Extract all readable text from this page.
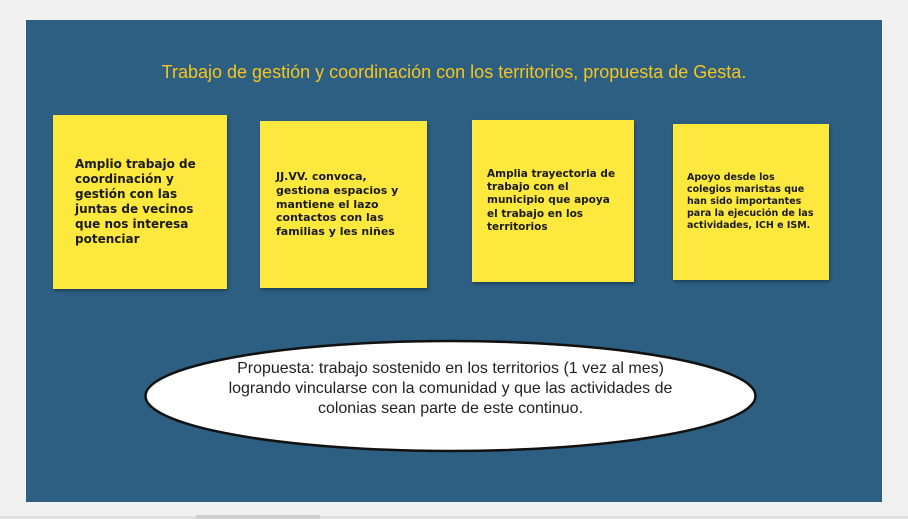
Trabajo de gestión y coordinación con los territorios, propuesta de Gesta.
Amplio trabajo de coordinación y gestión con las juntas de vecinos que nos interesa potenciar
JJ.VV. convoca, gestiona espacios y mantiene el lazo contactos con las familias y les niñes
Amplia trayectoria de trabajo con el municipio que apoya el trabajo en los territorios
Apoyo desde los colegios maristas que han sido importantes para la ejecución de las actividades, ICH e ISM.
Propuesta: trabajo sostenido en los territorios (1 vez al mes) logrando vincularse con la comunidad y que las actividades de colonias sean parte de este continuo.
